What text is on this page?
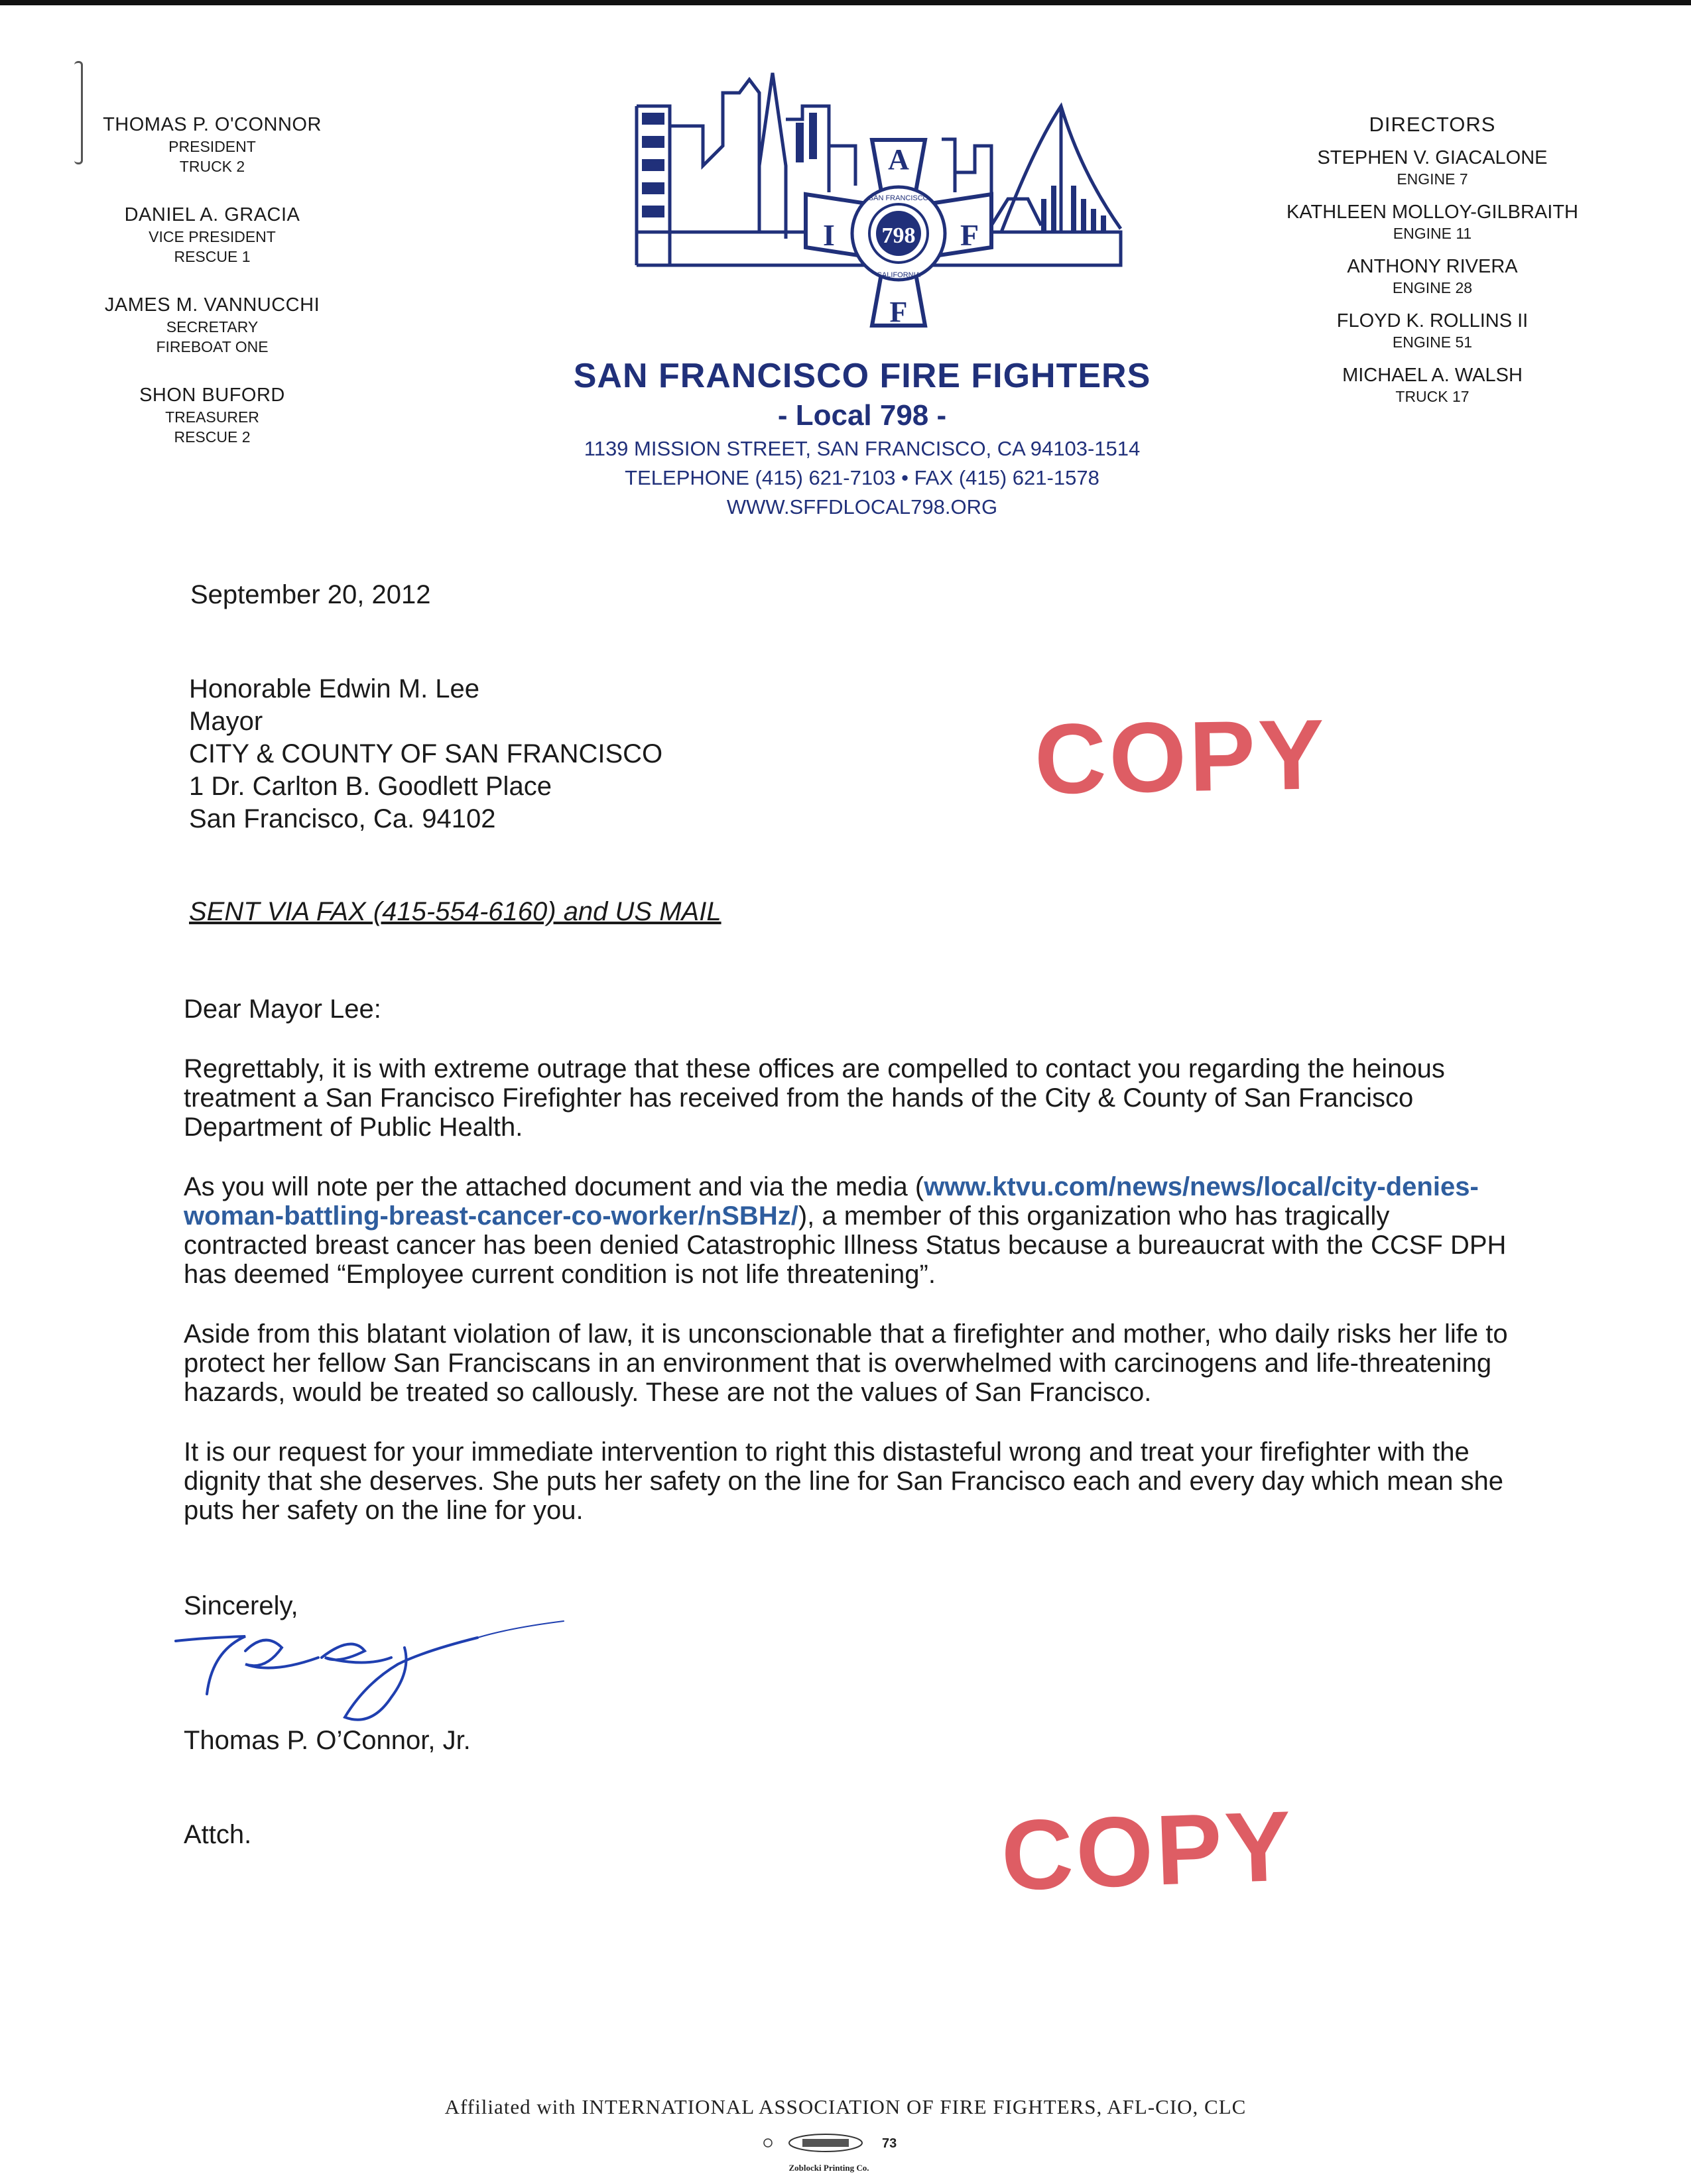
THOMAS P. O'CONNOR
PRESIDENT
TRUCK 2
DANIEL A. GRACIA
VICE PRESIDENT
RESCUE 1
JAMES M. VANNUCCHI
SECRETARY
FIREBOAT ONE
SHON BUFORD
TREASURER
RESCUE 2
DIRECTORS
STEPHEN V. GIACALONE
ENGINE 7
KATHLEEN MOLLOY-GILBRAITH
ENGINE 11
ANTHONY RIVERA
ENGINE 28
FLOYD K. ROLLINS II
ENGINE 51
MICHAEL A. WALSH
TRUCK 17
A
I	F
F
798
SAN FRANCISCO
CALIFORNIA
SAN FRANCISCO FIRE FIGHTERS
- Local 798 -
1139 MISSION STREET, SAN FRANCISCO, CA 94103-1514
TELEPHONE (415) 621-7103 • FAX (415) 621-1578
WWW.SFFDLOCAL798.ORG
September 20, 2012
Honorable Edwin M. Lee
Mayor
CITY & COUNTY OF SAN FRANCISCO
1 Dr. Carlton B. Goodlett Place
San Francisco, Ca. 94102
COPY
SENT VIA FAX (415-554-6160) and US MAIL

Dear Mayor Lee:

Regrettably, it is with extreme outrage that these offices are compelled to contact you regarding the heinous treatment a San Francisco Firefighter has received from the hands of the City & County of San Francisco Department of Public Health.

As you will note per the attached document and via the media (www.ktvu.com/news/news/local/city-denies-woman-battling-breast-cancer-co-worker/nSBHz/), a member of this organization who has tragically contracted breast cancer has been denied Catastrophic Illness Status because a bureaucrat with the CCSF DPH has deemed “Employee current condition is not life threatening”.

Aside from this blatant violation of law, it is unconscionable that a firefighter and mother, who daily risks her life to protect her fellow San Franciscans in an environment that is overwhelmed with carcinogens and life-threatening hazards, would be treated so callously. These are not the values of San Francisco.

It is our request for your immediate intervention to right this distasteful wrong and treat your firefighter with the dignity that she deserves. She puts her safety on the line for San Francisco each and every day which mean she puts her safety on the line for you.

Sincerely,
Thomas P. O’Connor, Jr.
Attch.	COPY
Affiliated with INTERNATIONAL ASSOCIATION OF FIRE FIGHTERS, AFL-CIO, CLC
73
Zoblocki Printing Co.
